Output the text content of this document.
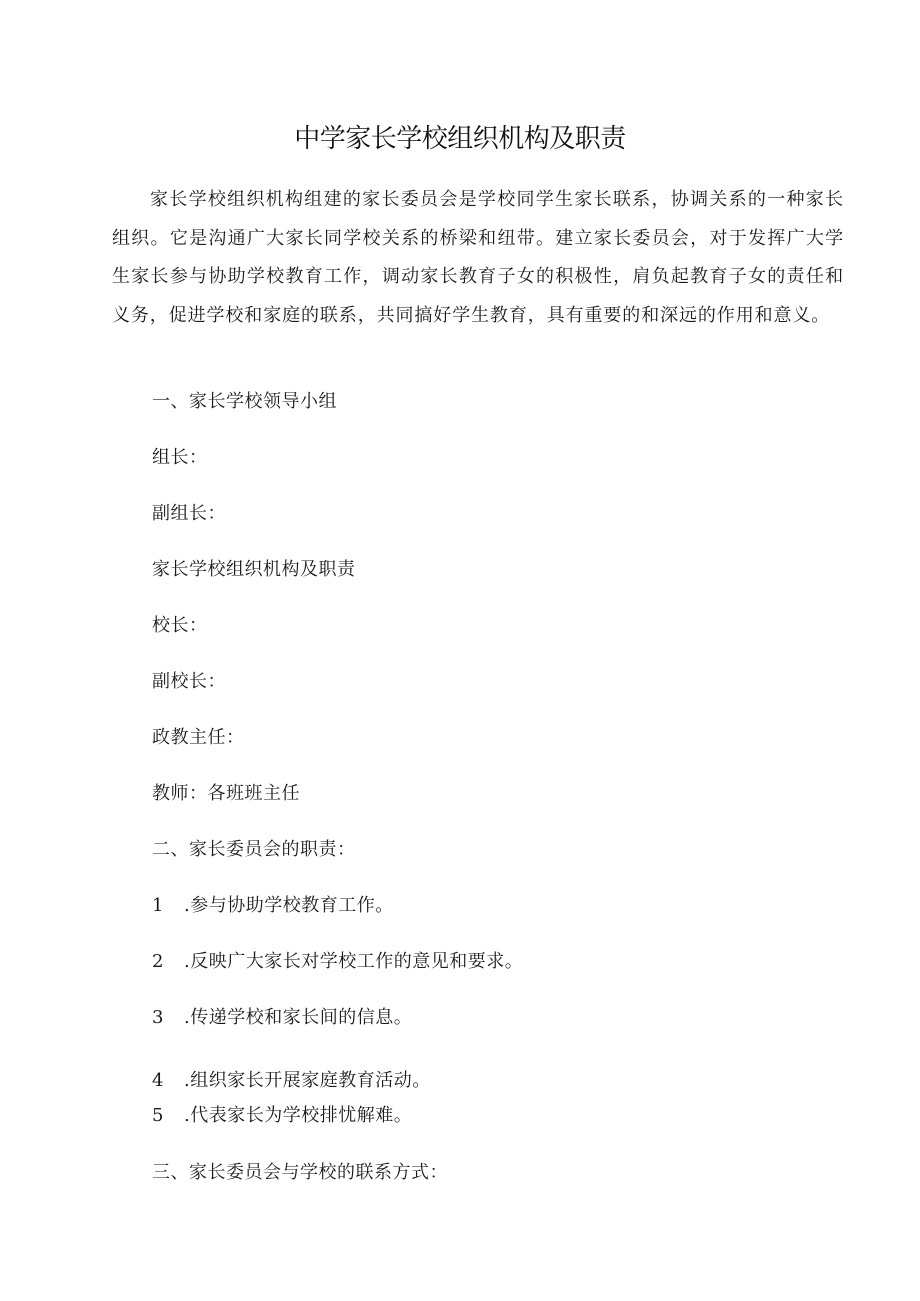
中学家长学校组织机构及职责

家长学校组织机构组建的家长委员会是学校同学生家长联系，协调关系的一种家长组织。它是沟通广大家长同学校关系的桥梁和纽带。建立家长委员会，对于发挥广大学生家长参与协助学校教育工作，调动家长教育子女的积极性，肩负起教育子女的责任和义务，促进学校和家庭的联系，共同搞好学生教育，具有重要的和深远的作用和意义。

一、家长学校领导小组

组长：

副组长：

家长学校组织机构及职责

校长：

副校长：

政教主任：

教师：各班班主任

二、家长委员会的职责：

1 .参与协助学校教育工作。

2 .反映广大家长对学校工作的意见和要求。

3 .传递学校和家长间的信息。

4 .组织家长开展家庭教育活动。

5 .代表家长为学校排忧解难。

三、家长委员会与学校的联系方式：
